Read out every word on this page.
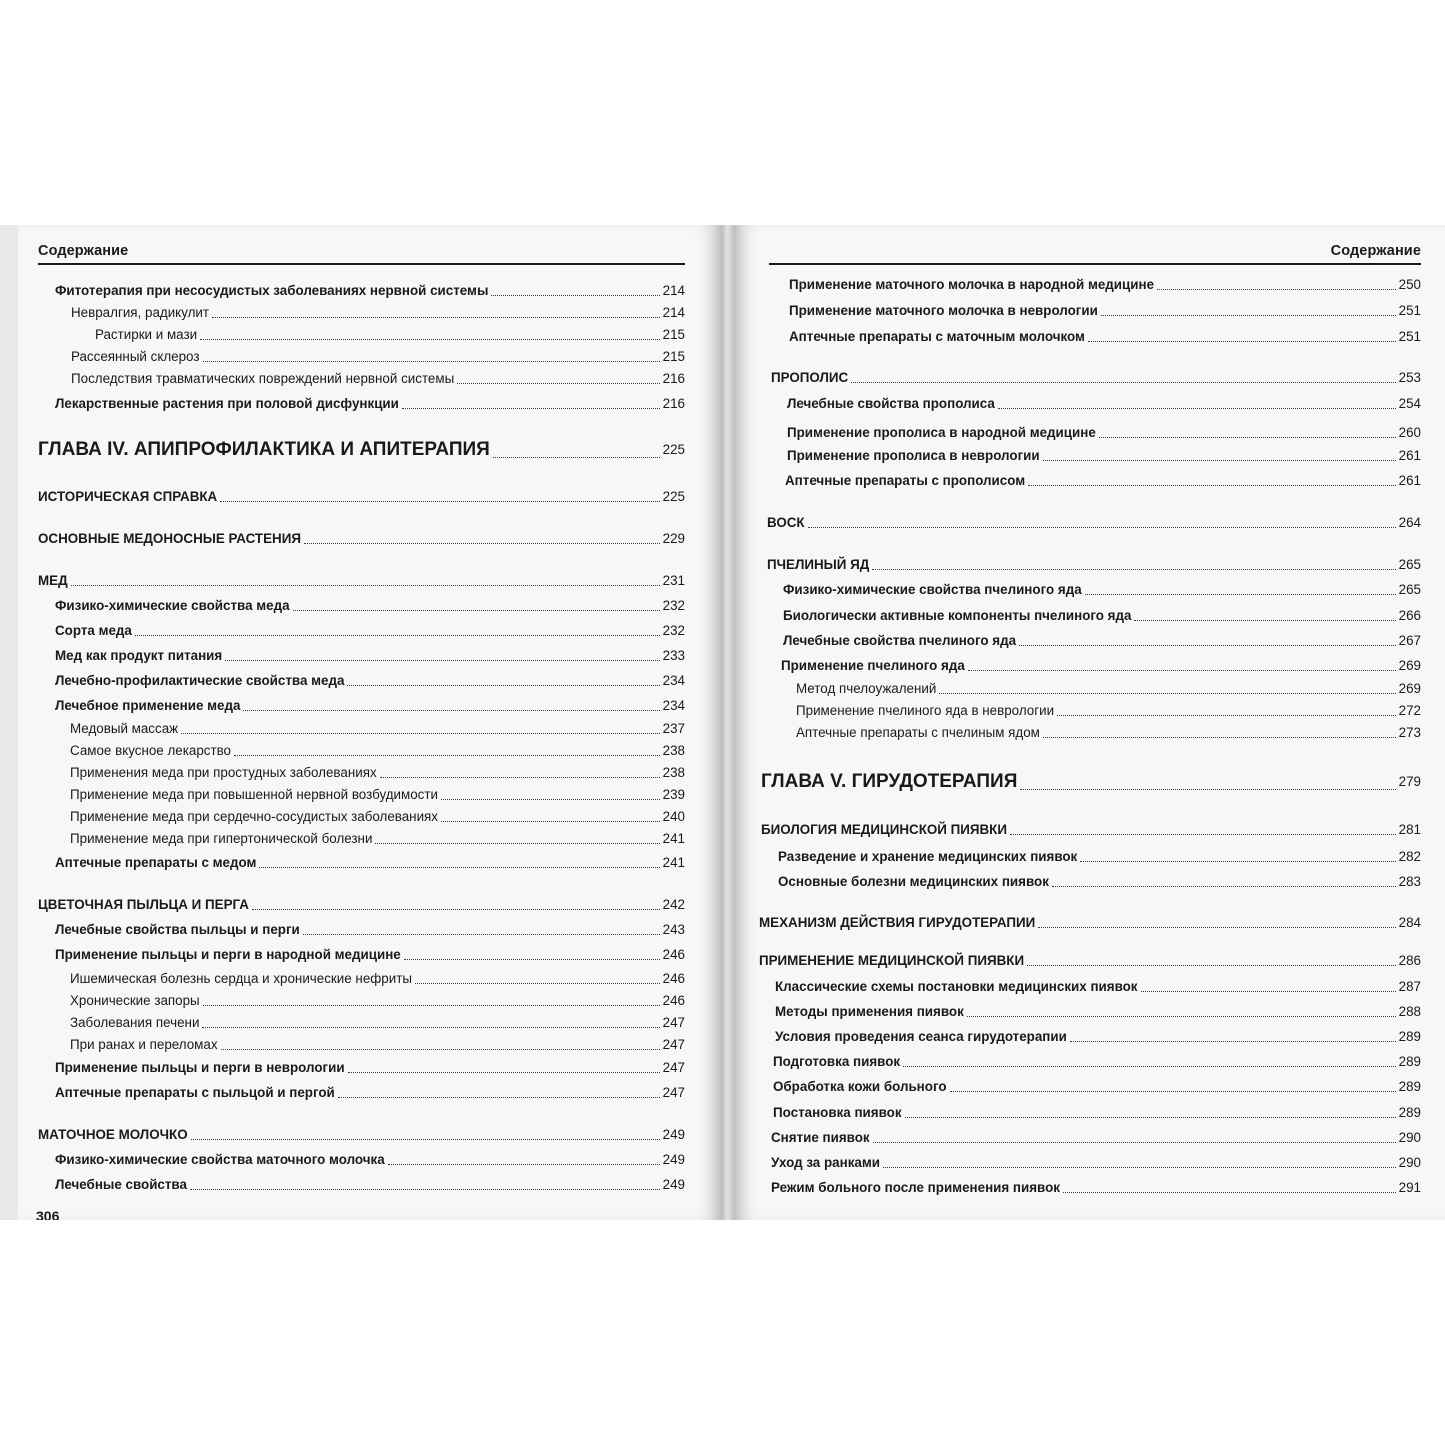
Содержание
Фитотерапия при несосудистых заболеваниях нервной системы	214
Невралгия, радикулит	214
Растирки и мази	215
Рассеянный склероз	215
Последствия травматических повреждений нервной системы	216
Лекарственные растения при половой дисфункции	216
ГЛАВА IV. АПИПРОФИЛАКТИКА И АПИТЕРАПИЯ	225
ИСТОРИЧЕСКАЯ СПРАВКА	225
ОСНОВНЫЕ МЕДОНОСНЫЕ РАСТЕНИЯ	229
МЕД	231
Физико-химические свойства меда	232
Сорта меда	232
Мед как продукт питания	233
Лечебно-профилактические свойства меда	234
Лечебное применение меда	234
Медовый массаж	237
Самое вкусное лекарство	238
Применения меда при простудных заболеваниях	238
Применение меда при повышенной нервной возбудимости	239
Применение меда при сердечно-сосудистых заболеваниях	240
Применение меда при гипертонической болезни	241
Аптечные препараты с медом	241
ЦВЕТОЧНАЯ ПЫЛЬЦА И ПЕРГА	242
Лечебные свойства пыльцы и перги	243
Применение пыльцы и перги в народной медицине	246
Ишемическая болезнь сердца и хронические нефриты	246
Хронические запоры	246
Заболевания печени	247
При ранах и переломах	247
Применение пыльцы и перги в неврологии	247
Аптечные препараты с пыльцой и пергой	247
МАТОЧНОЕ МОЛОЧКО	249
Физико-химические свойства маточного молочка	249
Лечебные свойства	249
306
Содержание
Применение маточного молочка в народной медицине	250
Применение маточного молочка в неврологии	251
Аптечные препараты с маточным молочком	251
ПРОПОЛИС	253
Лечебные свойства прополиса	254
Применение прополиса в народной медицине	260
Применение прополиса в неврологии	261
Аптечные препараты с прополисом	261
ВОСК	264
ПЧЕЛИНЫЙ ЯД	265
Физико-химические свойства пчелиного яда	265
Биологически активные компоненты пчелиного яда	266
Лечебные свойства пчелиного яда	267
Применение пчелиного яда	269
Метод пчелоужалений	269
Применение пчелиного яда в неврологии	272
Аптечные препараты с пчелиным ядом	273
ГЛАВА V. ГИРУДОТЕРАПИЯ	279
БИОЛОГИЯ МЕДИЦИНСКОЙ ПИЯВКИ	281
Разведение и хранение медицинских пиявок	282
Основные болезни медицинских пиявок	283
МЕХАНИЗМ ДЕЙСТВИЯ ГИРУДОТЕРАПИИ	284
ПРИМЕНЕНИЕ МЕДИЦИНСКОЙ ПИЯВКИ	286
Классические схемы постановки медицинских пиявок	287
Методы применения пиявок	288
Условия проведения сеанса гирудотерапии	289
Подготовка пиявок	289
Обработка кожи больного	289
Постановка пиявок	289
Снятие пиявок	290
Уход за ранками	290
Режим больного после применения пиявок	291
